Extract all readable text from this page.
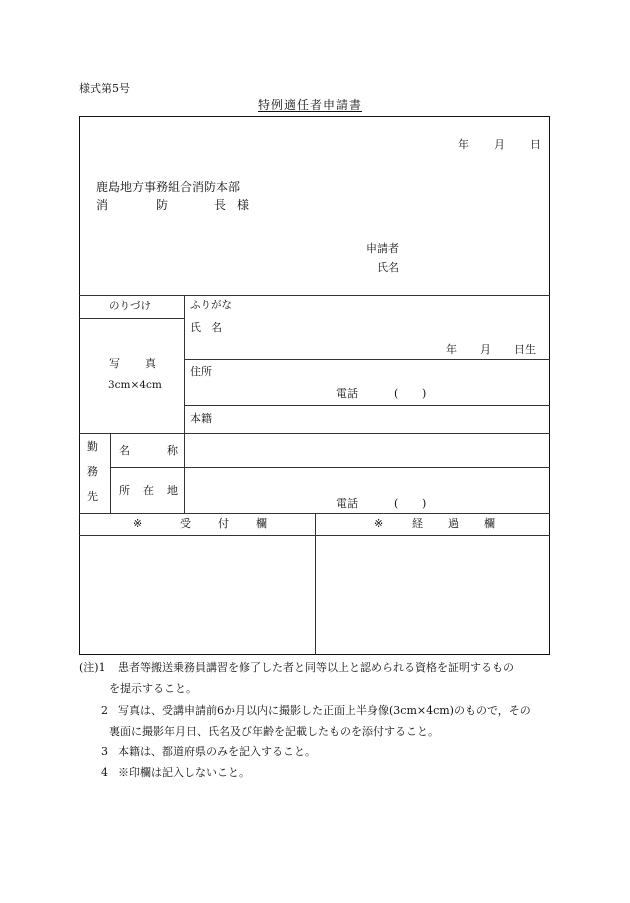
様式第5号
特例適任者申請書
年 月 日
鹿島地方事務組合消防本部
消	防	長 様
申請者
氏名
のりづけ
写 真
3cm×4cm
ふりがな
氏 名
年 月 日生
住所
電話	( )
本籍
勤
務
先
名	称
所 在 地
電話	( )
※	受 付 欄	※	経 過 欄
(注)1 患者等搬送乗務員講習を修了した者と同等以上と認められる資格を証明するもの
を提示すること。
2 写真は、受講申請前6か月以内に撮影した正面上半身像(3cm×4cm)のもので，その
裏面に撮影年月日、氏名及び年齢を記載したものを添付すること。
3 本籍は、都道府県のみを記入すること。
4 ※印欄は記入しないこと。
